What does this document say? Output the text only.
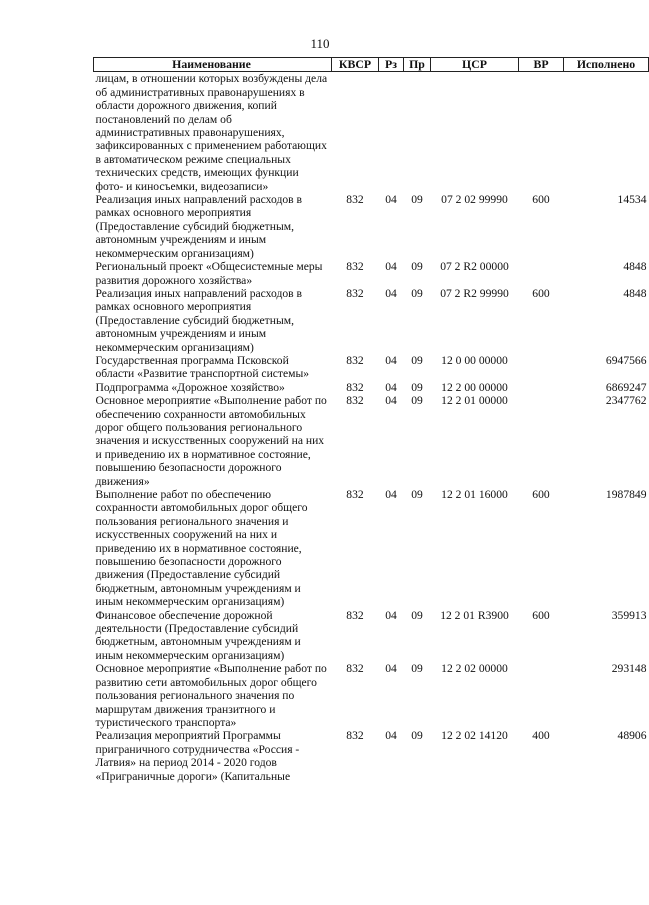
110
Наименование	КВСР	Рз	Пр	ЦСР	ВР	Исполнено
лицам, в отношении которых возбуждены дела об административных правонарушениях в области дорожного движения, копий постановлений по делам об административных правонарушениях, зафиксированных с применением работающих в автоматическом режиме специальных технических средств, имеющих функции фото- и киносъемки, видеозаписи»						
Реализация иных направлений расходов в рамках основного мероприятия (Предоставление субсидий бюджетным, автономным учреждениям и иным некоммерческим организациям)	832	04	09	07 2 02 99990	600	14534
Региональный проект «Общесистемные меры развития дорожного хозяйства»	832	04	09	07 2 R2 00000		4848
Реализация иных направлений расходов в рамках основного мероприятия (Предоставление субсидий бюджетным, автономным учреждениям и иным некоммерческим организациям)	832	04	09	07 2 R2 99990	600	4848
Государственная программа Псковской области «Развитие транспортной системы»	832	04	09	12 0 00 00000		6947566
Подпрограмма «Дорожное хозяйство»	832	04	09	12 2 00 00000		6869247
Основное мероприятие «Выполнение работ по обеспечению сохранности автомобильных дорог общего пользования регионального значения и искусственных сооружений на них и приведению их в нормативное состояние, повышению безопасности дорожного движения»	832	04	09	12 2 01 00000		2347762
Выполнение работ по обеспечению сохранности автомобильных дорог общего пользования регионального значения и искусственных сооружений на них и приведению их в нормативное состояние, повышению безопасности дорожного движения (Предоставление субсидий бюджетным, автономным учреждениям и иным некоммерческим организациям)	832	04	09	12 2 01 16000	600	1987849
Финансовое обеспечение дорожной деятельности (Предоставление субсидий бюджетным, автономным учреждениям и иным некоммерческим организациям)	832	04	09	12 2 01 R3900	600	359913
Основное мероприятие «Выполнение работ по развитию сети автомобильных дорог общего пользования регионального значения по маршрутам движения транзитного и туристического транспорта»	832	04	09	12 2 02 00000		293148
Реализация мероприятий Программы приграничного сотрудничества «Россия - Латвия» на период 2014 - 2020 годов «Приграничные дороги» (Капитальные	832	04	09	12 2 02 14120	400	48906
